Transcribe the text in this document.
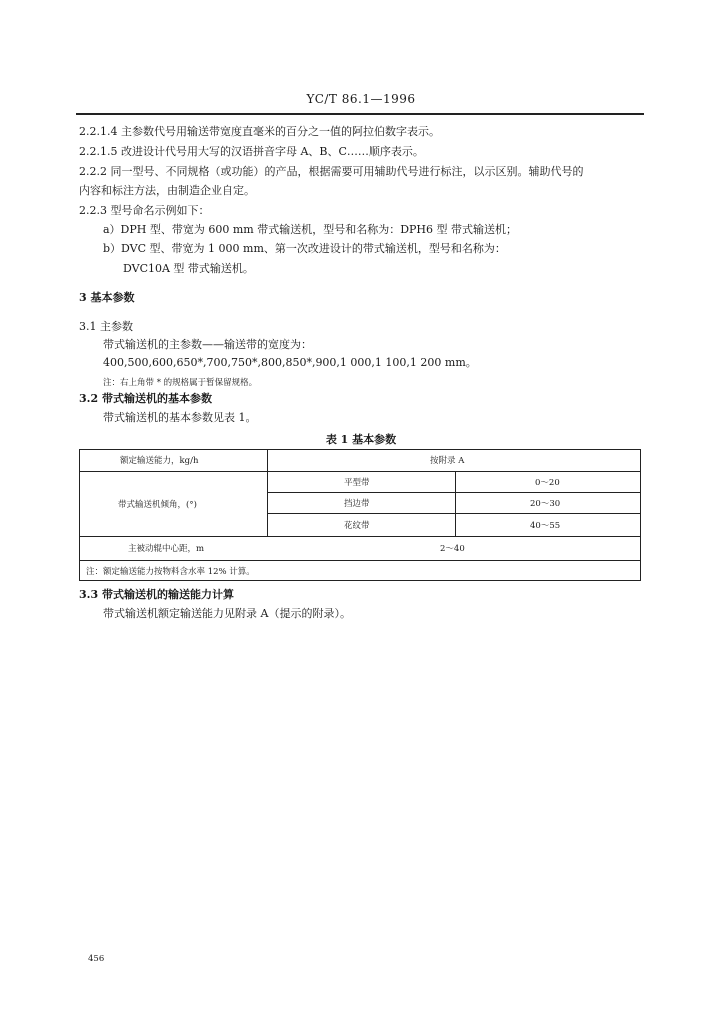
YC/T 86.1—1996
2.2.1.4 主参数代号用输送带宽度直毫米的百分之一值的阿拉伯数字表示。
2.2.1.5 改进设计代号用大写的汉语拼音字母 A、B、C……顺序表示。
2.2.2 同一型号、不同规格（或功能）的产品，根据需要可用辅助代号进行标注，以示区别。辅助代号的
内容和标注方法，由制造企业自定。
2.2.3 型号命名示例如下：
a）DPH 型、带宽为 600 mm 带式输送机，型号和名称为：DPH6 型 带式输送机；
b）DVC 型、带宽为 1 000 mm、第一次改进设计的带式输送机，型号和名称为：
DVC10A 型 带式输送机。
3 基本参数
3.1 主参数
带式输送机的主参数——输送带的宽度为：
400,500,600,650*,700,750*,800,850*,900,1 000,1 100,1 200 mm。
注：右上角带 * 的规格属于暂保留规格。
3.2 带式输送机的基本参数
带式输送机的基本参数见表 1。
表 1 基本参数
额定输送能力，kg/h	按附录 A
带式输送机倾角，(°)
平型带	0～20
挡边带	20～30
花纹带	40～55
主被动辊中心距，m	2～40
注：额定输送能力按物料含水率 12% 计算。
3.3 带式输送机的输送能力计算
带式输送机额定输送能力见附录 A（提示的附录）。
456
